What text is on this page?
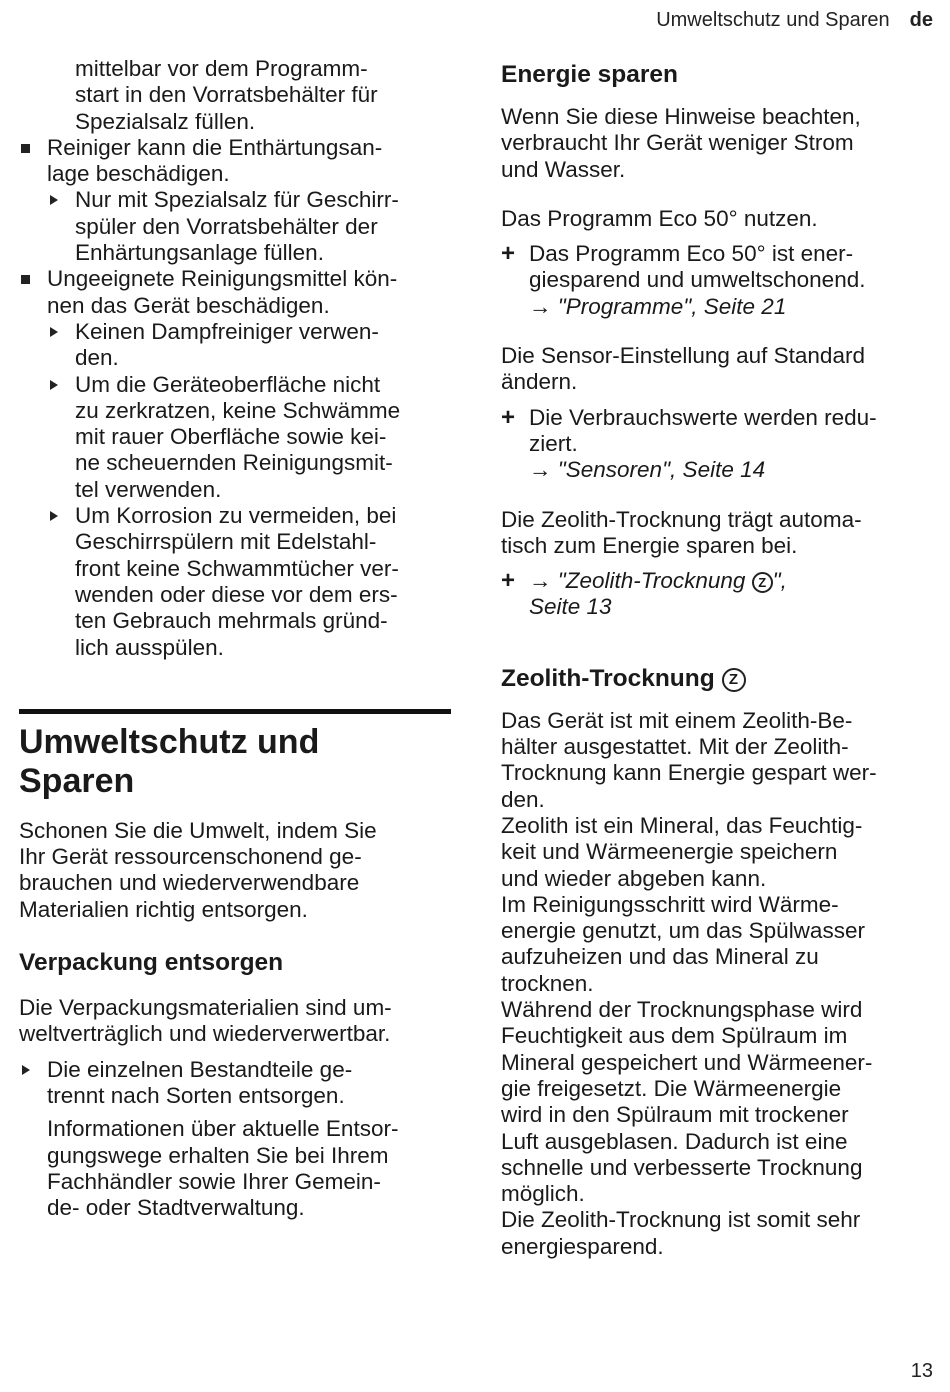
Umweltschutz und Sparen de
mittelbar vor dem Programm-
start in den Vorratsbehälter für
Spezialsalz füllen.
Reiniger kann die Enthärtungsan-
lage beschädigen.
Nur mit Spezialsalz für Geschirr-
spüler den Vorratsbehälter der
Enhärtungsanlage füllen.
Ungeeignete Reinigungsmittel kön-
nen das Gerät beschädigen.
Keinen Dampfreiniger verwen-
den.
Um die Geräteoberfläche nicht
zu zerkratzen, keine Schwämme
mit rauer Oberfläche sowie kei-
ne scheuernden Reinigungsmit-
tel verwenden.
Um Korrosion zu vermeiden, bei
Geschirrspülern mit Edelstahl-
front keine Schwammtücher ver-
wenden oder diese vor dem ers-
ten Gebrauch mehrmals gründ-
lich ausspülen.
Umweltschutz und
Sparen
Schonen Sie die Umwelt, indem Sie
Ihr Gerät ressourcenschonend ge-
brauchen und wiederverwendbare
Materialien richtig entsorgen.
Verpackung entsorgen
Die Verpackungsmaterialien sind um-
weltverträglich und wiederverwertbar.
Die einzelnen Bestandteile ge-
trennt nach Sorten entsorgen.
Informationen über aktuelle Entsor-
gungswege erhalten Sie bei Ihrem
Fachhändler sowie Ihrer Gemein-
de- oder Stadtverwaltung.
Energie sparen
Wenn Sie diese Hinweise beachten,
verbraucht Ihr Gerät weniger Strom
und Wasser.
Das Programm Eco 50° nutzen.
+ Das Programm Eco 50° ist ener-
giesparend und umweltschonend.
→ "Programme", Seite 21
Die Sensor-Einstellung auf Standard
ändern.
+ Die Verbrauchswerte werden redu-
ziert.
→ "Sensoren", Seite 14
Die Zeolith-Trocknung trägt automa-
tisch zum Energie sparen bei.
+ → "Zeolith-Trocknung Z ",
Seite 13
Zeolith-Trocknung Z
Das Gerät ist mit einem Zeolith-Be-
hälter ausgestattet. Mit der Zeolith-
Trocknung kann Energie gespart wer-
den.
Zeolith ist ein Mineral, das Feuchtig-
keit und Wärmeenergie speichern
und wieder abgeben kann.
Im Reinigungsschritt wird Wärme-
energie genutzt, um das Spülwasser
aufzuheizen und das Mineral zu
trocknen.
Während der Trocknungsphase wird
Feuchtigkeit aus dem Spülraum im
Mineral gespeichert und Wärmeener-
gie freigesetzt. Die Wärmeenergie
wird in den Spülraum mit trockener
Luft ausgeblasen. Dadurch ist eine
schnelle und verbesserte Trocknung
möglich.
Die Zeolith-Trocknung ist somit sehr
energiesparend.
13
